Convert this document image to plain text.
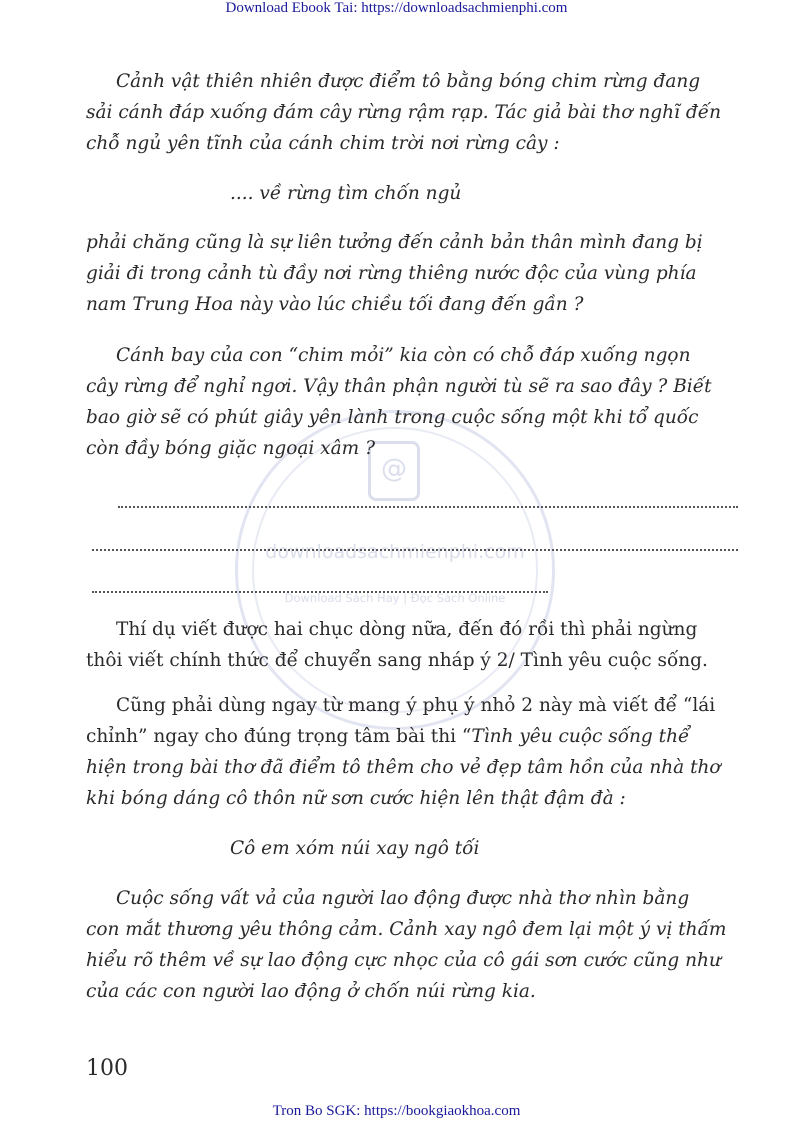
Download Ebook Tai: https://downloadsachmienphi.com
@
downloadsachmienphi.com
Download Sách Hay | Đọc Sách Online
Cảnh vật thiên nhiên được điểm tô bằng bóng chim rừng đang
sải cánh đáp xuống đám cây rừng rậm rạp. Tác giả bài thơ nghĩ đến
chỗ ngủ yên tĩnh của cánh chim trời nơi rừng cây :
.... về rừng tìm chốn ngủ
phải chăng cũng là sự liên tưởng đến cảnh bản thân mình đang bị
giải đi trong cảnh tù đầy nơi rừng thiêng nước độc của vùng phía
nam Trung Hoa này vào lúc chiều tối đang đến gần ?
Cánh bay của con “chim mỏi” kia còn có chỗ đáp xuống ngọn
cây rừng để nghỉ ngơi. Vậy thân phận người tù sẽ ra sao đây ? Biết
bao giờ sẽ có phút giây yên lành trong cuộc sống một khi tổ quốc
còn đầy bóng giặc ngoại xâm ?
Thí dụ viết được hai chục dòng nữa, đến đó rồi thì phải ngừng
thôi viết chính thức để chuyển sang nháp ý 2/ Tình yêu cuộc sống.
Cũng phải dùng ngay từ mang ý phụ ý nhỏ 2 này mà viết để “lái
chỉnh” ngay cho đúng trọng tâm bài thi “Tình yêu cuộc sống thể
hiện trong bài thơ đã điểm tô thêm cho vẻ đẹp tâm hồn của nhà thơ
khi bóng dáng cô thôn nữ sơn cước hiện lên thật đậm đà :
Cô em xóm núi xay ngô tối
Cuộc sống vất vả của người lao động được nhà thơ nhìn bằng
con mắt thương yêu thông cảm. Cảnh xay ngô đem lại một ý vị thấm
hiểu rõ thêm về sự lao động cực nhọc của cô gái sơn cước cũng như
của các con người lao động ở chốn núi rừng kia.
100
Tron Bo SGK: https://bookgiaokhoa.com
